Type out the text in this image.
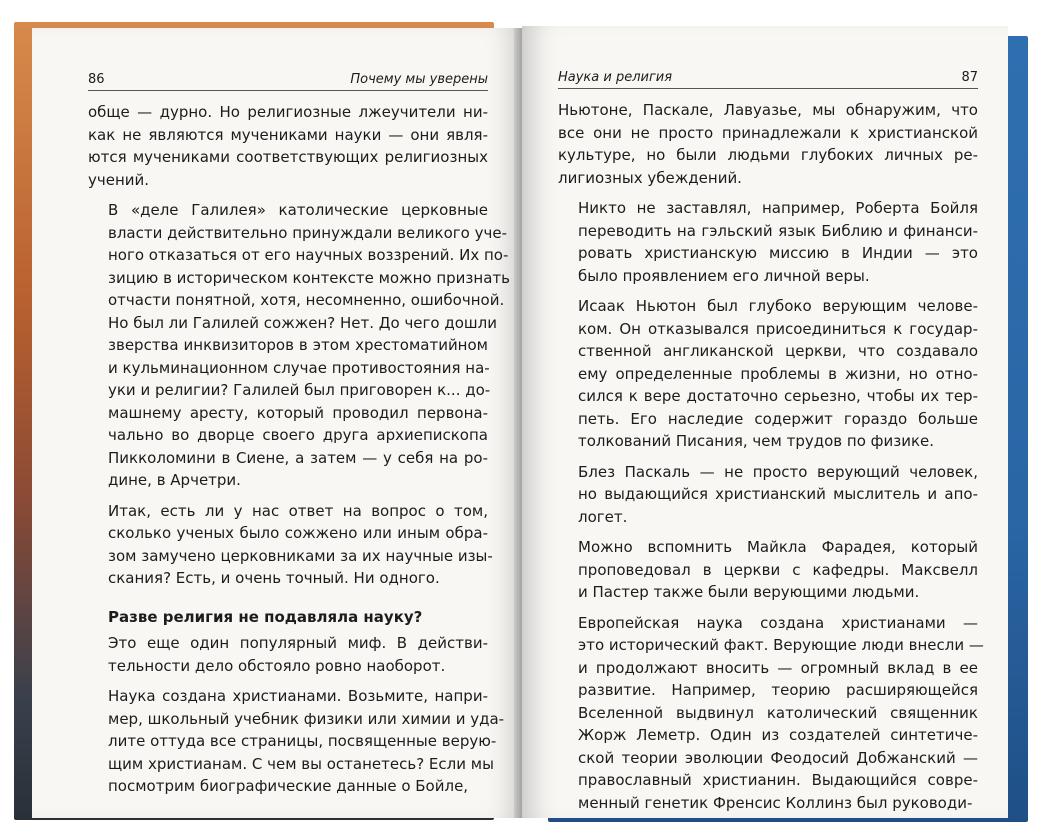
86	Почему мы уверены

обще — дурно. Но религиозные лжеучители ни-
как не являются мучениками науки — они явля-
ются мучениками соответствующих религиозных
учений.

В «деле Галилея» католические церковные
власти действительно принуждали великого уче-
ного отказаться от его научных воззрений. Их по-
зицию в историческом контексте можно признать
отчасти понятной, хотя, несомненно, ошибочной.
Но был ли Галилей сожжен? Нет. До чего дошли
зверства инквизиторов в этом хрестоматийном
и кульминационном случае противостояния на-
уки и религии? Галилей был приговорен к... до-
машнему аресту, который проводил первона-
чально во дворце своего друга архиепископа
Пикколомини в Сиене, а затем — у себя на ро-
дине, в Арчетри.

Итак, есть ли у нас ответ на вопрос о том,
сколько ученых было сожжено или иным обра-
зом замучено церковниками за их научные изы-
скания? Есть, и очень точный. Ни одного.

Разве религия не подавляла науку?

Это еще один популярный миф. В действи-
тельности дело обстояло ровно наоборот.

Наука создана христианами. Возьмите, напри-
мер, школьный учебник физики или химии и уда-
лите оттуда все страницы, посвященные верую-
щим христианам. С чем вы останетесь? Если мы
посмотрим биографические данные о Бойле,

Наука и религия	87

Ньютоне, Паскале, Лавуазье, мы обнаружим, что
все они не просто принадлежали к христианской
культуре, но были людьми глубоких личных ре-
лигиозных убеждений.

Никто не заставлял, например, Роберта Бойля
переводить на гэльский язык Библию и финанси-
ровать христианскую миссию в Индии — это
было проявлением его личной веры.

Исаак Ньютон был глубоко верующим челове-
ком. Он отказывался присоединиться к государ-
ственной англиканской церкви, что создавало
ему определенные проблемы в жизни, но отно-
сился к вере достаточно серьезно, чтобы их тер-
петь. Его наследие содержит гораздо больше
толкований Писания, чем трудов по физике.

Блез Паскаль — не просто верующий человек,
но выдающийся христианский мыслитель и апо-
логет.

Можно вспомнить Майкла Фарадея, который
проповедовал в церкви с кафедры. Максвелл
и Пастер также были верующими людьми.

Европейская наука создана христианами —
это исторический факт. Верующие люди внесли —
и продолжают вносить — огромный вклад в ее
развитие. Например, теорию расширяющейся
Вселенной выдвинул католический священник
Жорж Леметр. Один из создателей синтетиче-
ской теории эволюции Феодосий Добжанский —
православный христианин. Выдающийся совре-
менный генетик Френсис Коллинз был руководи-
